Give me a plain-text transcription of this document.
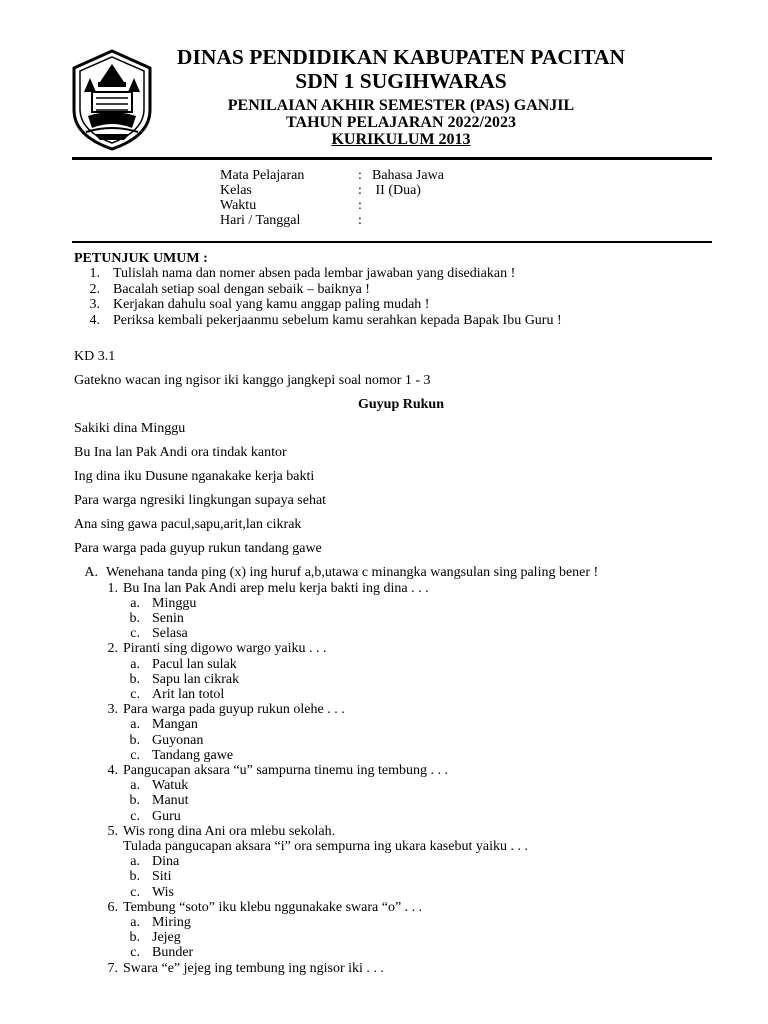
DINAS PENDIDIKAN KABUPATEN PACITAN
SDN 1 SUGIHWARAS
PENILAIAN AKHIR SEMESTER (PAS) GANJIL
TAHUN PELAJARAN 2022/2023
KURIKULUM 2013
Mata Pelajaran	: Bahasa Jawa
Kelas	: II (Dua)
Waktu	:
Hari / Tanggal	:
PETUNJUK UMUM :
1. Tulislah nama dan nomer absen pada lembar jawaban yang disediakan !
2. Bacalah setiap soal dengan sebaik – baiknya !
3. Kerjakan dahulu soal yang kamu anggap paling mudah !
4. Periksa kembali pekerjaanmu sebelum kamu serahkan kepada Bapak Ibu Guru !
KD 3.1
Gatekno wacan ing ngisor iki kanggo jangkepi soal nomor 1 - 3
Guyup Rukun
Sakiki dina Minggu
Bu Ina lan Pak Andi ora tindak kantor
Ing dina iku Dusune nganakake kerja bakti
Para warga ngresiki lingkungan supaya sehat
Ana sing gawa pacul,sapu,arit,lan cikrak
Para warga pada guyup rukun tandang gawe
A. Wenehana tanda ping (x) ing huruf a,b,utawa c minangka wangsulan sing paling bener !
1. Bu Ina lan Pak Andi arep melu kerja bakti ing dina . . .
a. Minggu
b. Senin
c. Selasa
2. Piranti sing digowo wargo yaiku . . .
a. Pacul lan sulak
b. Sapu lan cikrak
c. Arit lan totol
3. Para warga pada guyup rukun olehe . . .
a. Mangan
b. Guyonan
c. Tandang gawe
4. Pangucapan aksara “u” sampurna tinemu ing tembung . . .
a. Watuk
b. Manut
c. Guru
5. Wis rong dina Ani ora mlebu sekolah.
Tulada pangucapan aksara “i” ora sempurna ing ukara kasebut yaiku . . .
a. Dina
b. Siti
c. Wis
6. Tembung “soto” iku klebu nggunakake swara “o” . . .
a. Miring
b. Jejeg
c. Bunder
7. Swara “e” jejeg ing tembung ing ngisor iki . . .
